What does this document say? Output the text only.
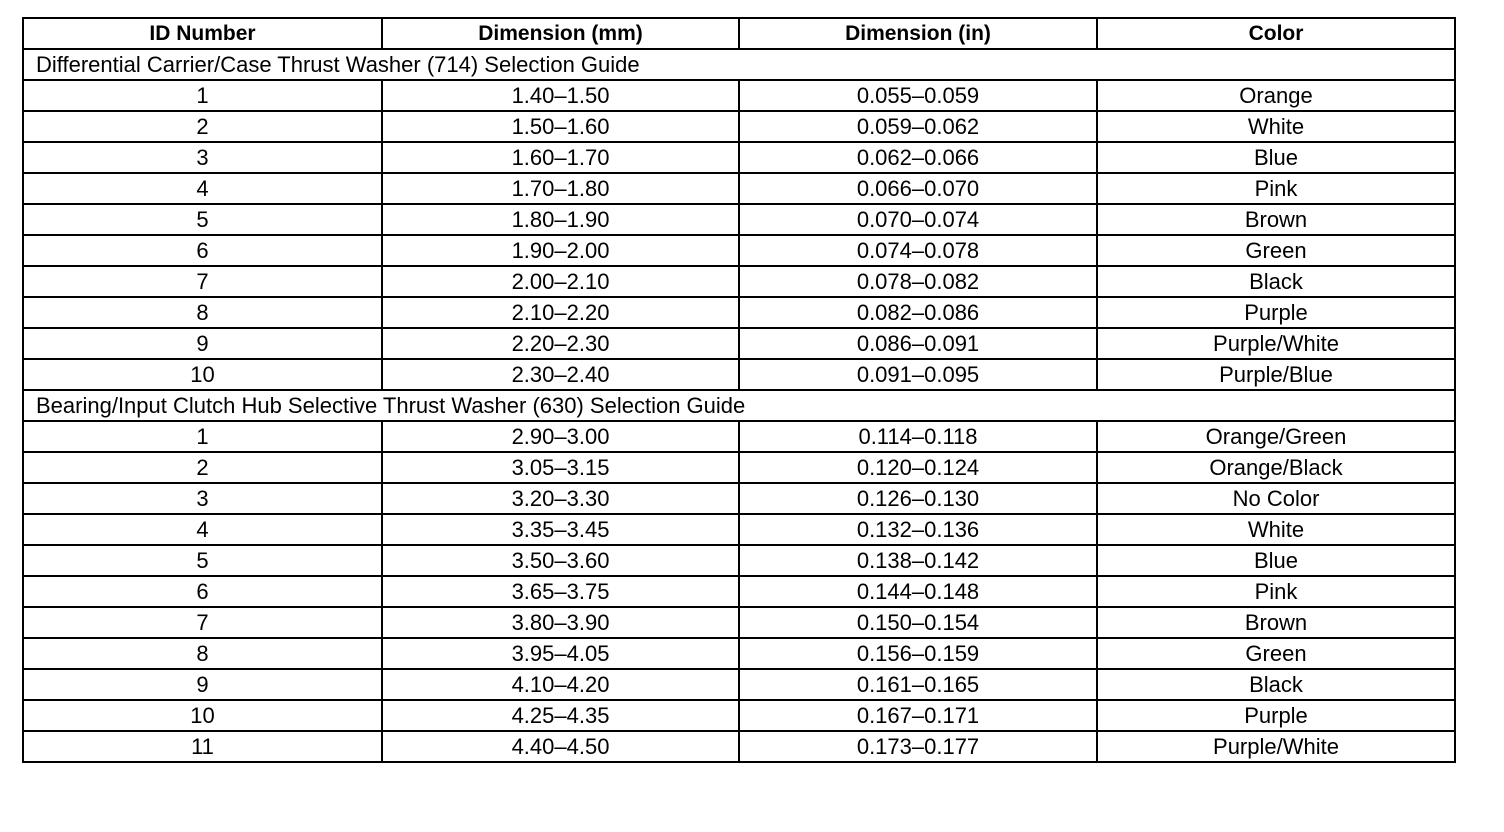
ID Number	Dimension (mm)	Dimension (in)	Color
Differential Carrier/Case Thrust Washer (714) Selection Guide			
1	1.40–1.50	0.055–0.059	Orange
2	1.50–1.60	0.059–0.062	White
3	1.60–1.70	0.062–0.066	Blue
4	1.70–1.80	0.066–0.070	Pink
5	1.80–1.90	0.070–0.074	Brown
6	1.90–2.00	0.074–0.078	Green
7	2.00–2.10	0.078–0.082	Black
8	2.10–2.20	0.082–0.086	Purple
9	2.20–2.30	0.086–0.091	Purple/White
10	2.30–2.40	0.091–0.095	Purple/Blue
Bearing/Input Clutch Hub Selective Thrust Washer (630) Selection Guide			
1	2.90–3.00	0.114–0.118	Orange/Green
2	3.05–3.15	0.120–0.124	Orange/Black
3	3.20–3.30	0.126–0.130	No Color
4	3.35–3.45	0.132–0.136	White
5	3.50–3.60	0.138–0.142	Blue
6	3.65–3.75	0.144–0.148	Pink
7	3.80–3.90	0.150–0.154	Brown
8	3.95–4.05	0.156–0.159	Green
9	4.10–4.20	0.161–0.165	Black
10	4.25–4.35	0.167–0.171	Purple
11	4.40–4.50	0.173–0.177	Purple/White
